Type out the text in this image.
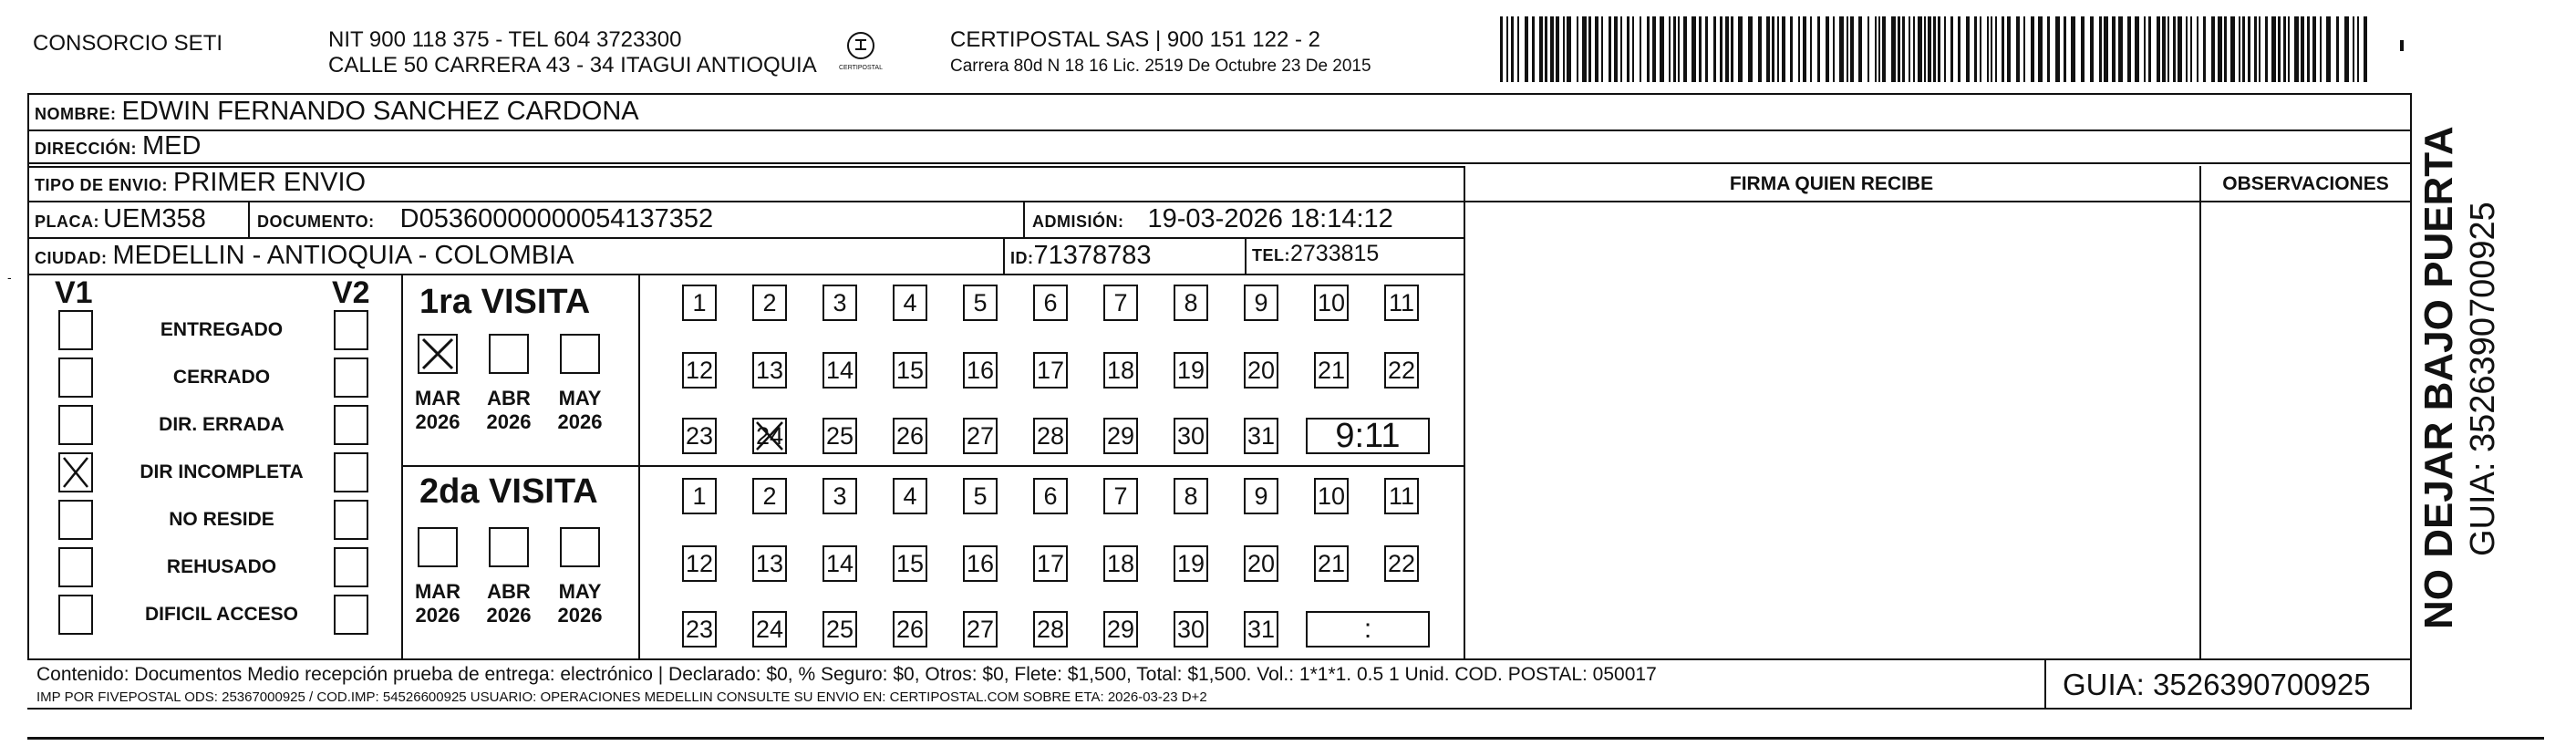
CONSORCIO SETI	NIT 900 118 375 - TEL 604 3723300
CALLE 50 CARRERA 43 - 34 ITAGUI ANTIOQUIA	CERTIPOSTAL
CERTIPOSTAL SAS | 900 151 122 - 2
Carrera 80d N 18 16 Lic. 2519 De Octubre 23 De 2015
NOMBRE: EDWIN FERNANDO SANCHEZ CARDONA
DIRECCIÓN: MED
TIPO DE ENVIO: PRIMER ENVIO	FIRMA QUIEN RECIBE	OBSERVACIONES
PLACA: UEM358	DOCUMENTO: D05360000000054137352	ADMISIÓN: 19-03-2026 18:14:12
CIUDAD: MEDELLIN - ANTIOQUIA - COLOMBIA	ID: 71378783	TEL: 2733815
V1	V2
ENTREGADO
CERRADO
DIR. ERRADA
DIR INCOMPLETA
NO RESIDE
REHUSADO
DIFICIL ACCESO
1ra VISITA
2da VISITA
MAR
2026
ABR
2026
MAY
2026
1	2	3	4	5	6	7	8	9	10 11
12 13 14 15 16 17 18 19 20 21 22
23 24 25 26 27 28 29 30 31	9:11
MAR
2026
ABR
2026
MAY
2026
1	2	3	4	5	6	7	8	9	10 11
12 13 14 15 16 17 18 19 20 21 22
23 24 25 26 27 28 29 30 31	:
Contenido: Documentos Medio recepción prueba de entrega: electrónico | Declarado: $0, % Seguro: $0, Otros: $0, Flete: $1,500, Total: $1,500. Vol.: 1*1*1. 0.5 1 Unid. COD. POSTAL: 050017
IMP POR FIVEPOSTAL ODS: 25367000925 / COD.IMP: 54526600925 USUARIO: OPERACIONES MEDELLIN CONSULTE SU ENVIO EN: CERTIPOSTAL.COM SOBRE ETA: 2026-03-23 D+2	GUIA: 3526390700925
NO DEJAR BAJO PUERTA GUIA: 3526390700925
-
